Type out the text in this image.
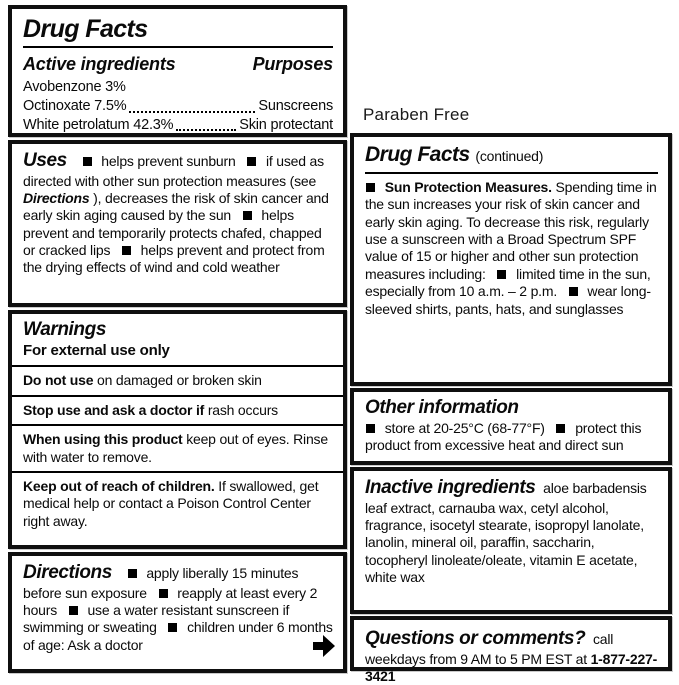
Drug Facts
Active ingredients	Purposes
Avobenzone 3%
Octinoxate 7.5%	Sunscreens
White petrolatum 42.3%	Skin protectant
Uses helps prevent sunburn if used as directed with other sun protection measures (see Directions ), decreases the risk of skin cancer and early skin aging caused by the sun helps prevent and temporarily protects chafed, chapped or cracked lips helps prevent and protect from the drying effects of wind and cold weather
Warnings
For external use only
Do not use on damaged or broken skin
Stop use and ask a doctor if rash occurs
When using this product keep out of eyes. Rinse with water to remove.
Keep out of reach of children. If swallowed, get medical help or contact a Poison Control Center right away.
Directions apply liberally 15 minutes before sun exposure reapply at least every 2 hours use a water resistant sunscreen if swimming or sweating children under 6 months of age: Ask a doctor
Paraben Free
Drug Facts (continued)
Sun Protection Measures. Spending time in the sun increases your risk of skin cancer and early skin aging. To decrease this risk, regularly use a sunscreen with a Broad Spectrum SPF value of 15 or higher and other sun protection measures including: limited time in the sun, especially from 10 a.m. – 2 p.m. wear long-sleeved shirts, pants, hats, and sunglasses
Other information
store at 20-25°C (68-77°F) protect this product from excessive heat and direct sun
Inactive ingredients aloe barbadensis leaf extract, carnauba wax, cetyl alcohol, fragrance, isocetyl stearate, isopropyl lanolate, lanolin, mineral oil, paraffin, saccharin, tocopheryl linoleate/oleate, vitamin E acetate, white wax
Questions or comments? call weekdays from 9 AM to 5 PM EST at 1-877-227-3421
